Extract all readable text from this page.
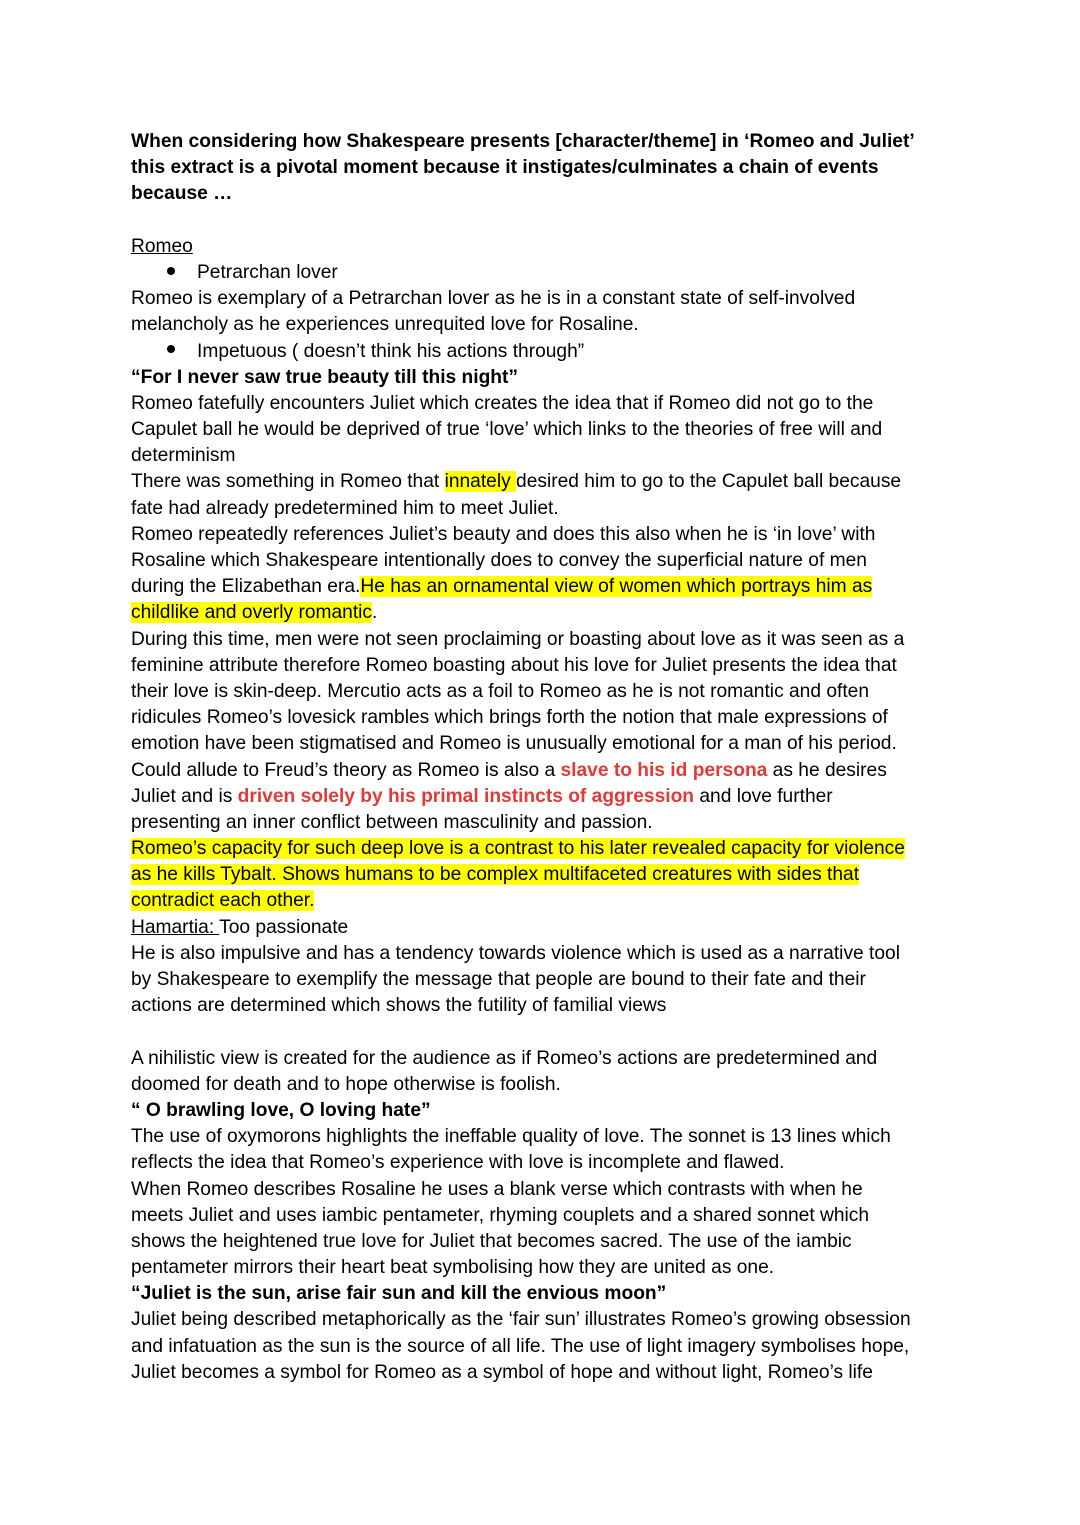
When considering how Shakespeare presents [character/theme] in ‘Romeo and Juliet’
this extract is a pivotal moment because it instigates/culminates a chain of events
because …
Romeo
Petrarchan lover
Romeo is exemplary of a Petrarchan lover as he is in a constant state of self-involved
melancholy as he experiences unrequited love for Rosaline.
Impetuous ( doesn’t think his actions through”
“For I never saw true beauty till this night”
Romeo fatefully encounters Juliet which creates the idea that if Romeo did not go to the
Capulet ball he would be deprived of true ‘love’ which links to the theories of free will and
determinism
There was something in Romeo that innately desired him to go to the Capulet ball because
fate had already predetermined him to meet Juliet.
Romeo repeatedly references Juliet’s beauty and does this also when he is ‘in love’ with
Rosaline which Shakespeare intentionally does to convey the superficial nature of men
during the Elizabethan era.He has an ornamental view of women which portrays him as
childlike and overly romantic.
During this time, men were not seen proclaiming or boasting about love as it was seen as a
feminine attribute therefore Romeo boasting about his love for Juliet presents the idea that
their love is skin-deep. Mercutio acts as a foil to Romeo as he is not romantic and often
ridicules Romeo’s lovesick rambles which brings forth the notion that male expressions of
emotion have been stigmatised and Romeo is unusually emotional for a man of his period.
Could allude to Freud’s theory as Romeo is also a slave to his id persona as he desires
Juliet and is driven solely by his primal instincts of aggression and love further
presenting an inner conflict between masculinity and passion.
Romeo’s capacity for such deep love is a contrast to his later revealed capacity for violence
as he kills Tybalt. Shows humans to be complex multifaceted creatures with sides that
contradict each other.
Hamartia: Too passionate
He is also impulsive and has a tendency towards violence which is used as a narrative tool
by Shakespeare to exemplify the message that people are bound to their fate and their
actions are determined which shows the futility of familial views
A nihilistic view is created for the audience as if Romeo’s actions are predetermined and
doomed for death and to hope otherwise is foolish.
“ O brawling love, O loving hate”
The use of oxymorons highlights the ineffable quality of love. The sonnet is 13 lines which
reflects the idea that Romeo’s experience with love is incomplete and flawed.
When Romeo describes Rosaline he uses a blank verse which contrasts with when he
meets Juliet and uses iambic pentameter, rhyming couplets and a shared sonnet which
shows the heightened true love for Juliet that becomes sacred. The use of the iambic
pentameter mirrors their heart beat symbolising how they are united as one.
“Juliet is the sun, arise fair sun and kill the envious moon”
Juliet being described metaphorically as the ‘fair sun’ illustrates Romeo’s growing obsession
and infatuation as the sun is the source of all life. The use of light imagery symbolises hope,
Juliet becomes a symbol for Romeo as a symbol of hope and without light, Romeo’s life
